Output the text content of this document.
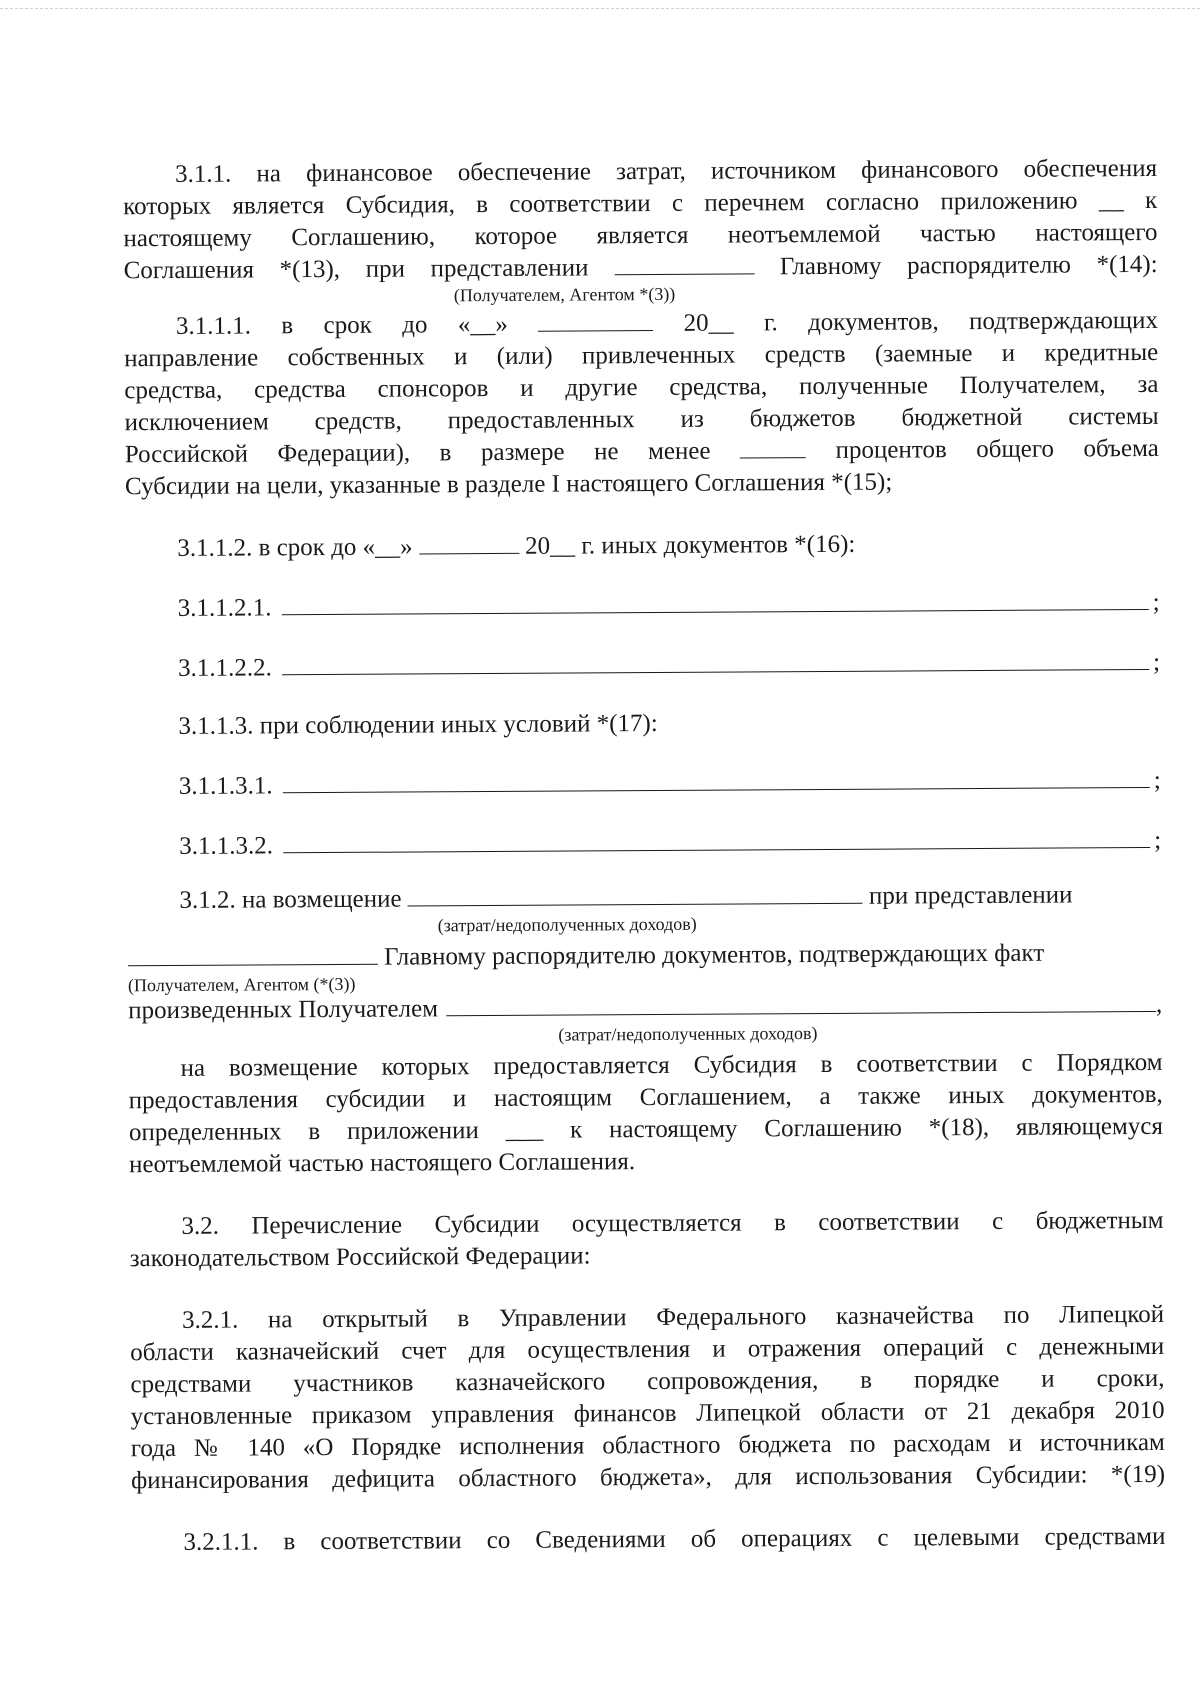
3.1.1. на финансовое обеспечение затрат, источником финансового обеспечения

которых является Субсидия, в соответствии с перечнем согласно приложению __ к

настоящему Соглашению, которое является неотъемлемой частью настоящего

Соглашения *(13), при представлении	Главному распорядителю *(14):

(Получателем, Агентом *(3))

3.1.1.1. в срок до «__»	20__ г. документов, подтверждающих

направление собственных и (или) привлеченных средств (заемные и кредитные

средства, средства спонсоров и другие средства, полученные Получателем, за

исключением средств, предоставленных из бюджетов бюджетной системы

Российской Федерации), в размере не менее	процентов общего объема

Субсидии на цели, указанные в разделе I настоящего Соглашения *(15);

3.1.1.2. в срок до «__»	20__ г. иных документов *(16):

3.1.1.2.1.	;
3.1.1.2.2.	;

3.1.1.3. при соблюдении иных условий *(17):

3.1.1.3.1.	;
3.1.1.3.2.	;

3.1.2. на возмещение	при представлении

(затрат/недополученных доходов)

Главному распорядителю документов, подтверждающих факт

(Получателем, Агентом (*(3))

произведенных Получателем	,

(затрат/недополученных доходов)

на возмещение которых предоставляется Субсидия в соответствии с Порядком

предоставления субсидии и настоящим Соглашением, а также иных документов,

определенных в приложении ___ к настоящему Соглашению *(18), являющемуся

неотъемлемой частью настоящего Соглашения.

3.2. Перечисление Субсидии осуществляется в соответствии с бюджетным

законодательством Российской Федерации:

3.2.1. на открытый в Управлении Федерального казначейства по Липецкой

области казначейский счет для осуществления и отражения операций с денежными

средствами участников казначейского сопровождения, в порядке и сроки,

установленные приказом управления финансов Липецкой области от 21 декабря 2010

года № 140 «О Порядке исполнения областного бюджета по расходам и источникам

финансирования дефицита областного бюджета», для использования Субсидии: *(19)

3.2.1.1. в соответствии со Сведениями об операциях с целевыми средствами
